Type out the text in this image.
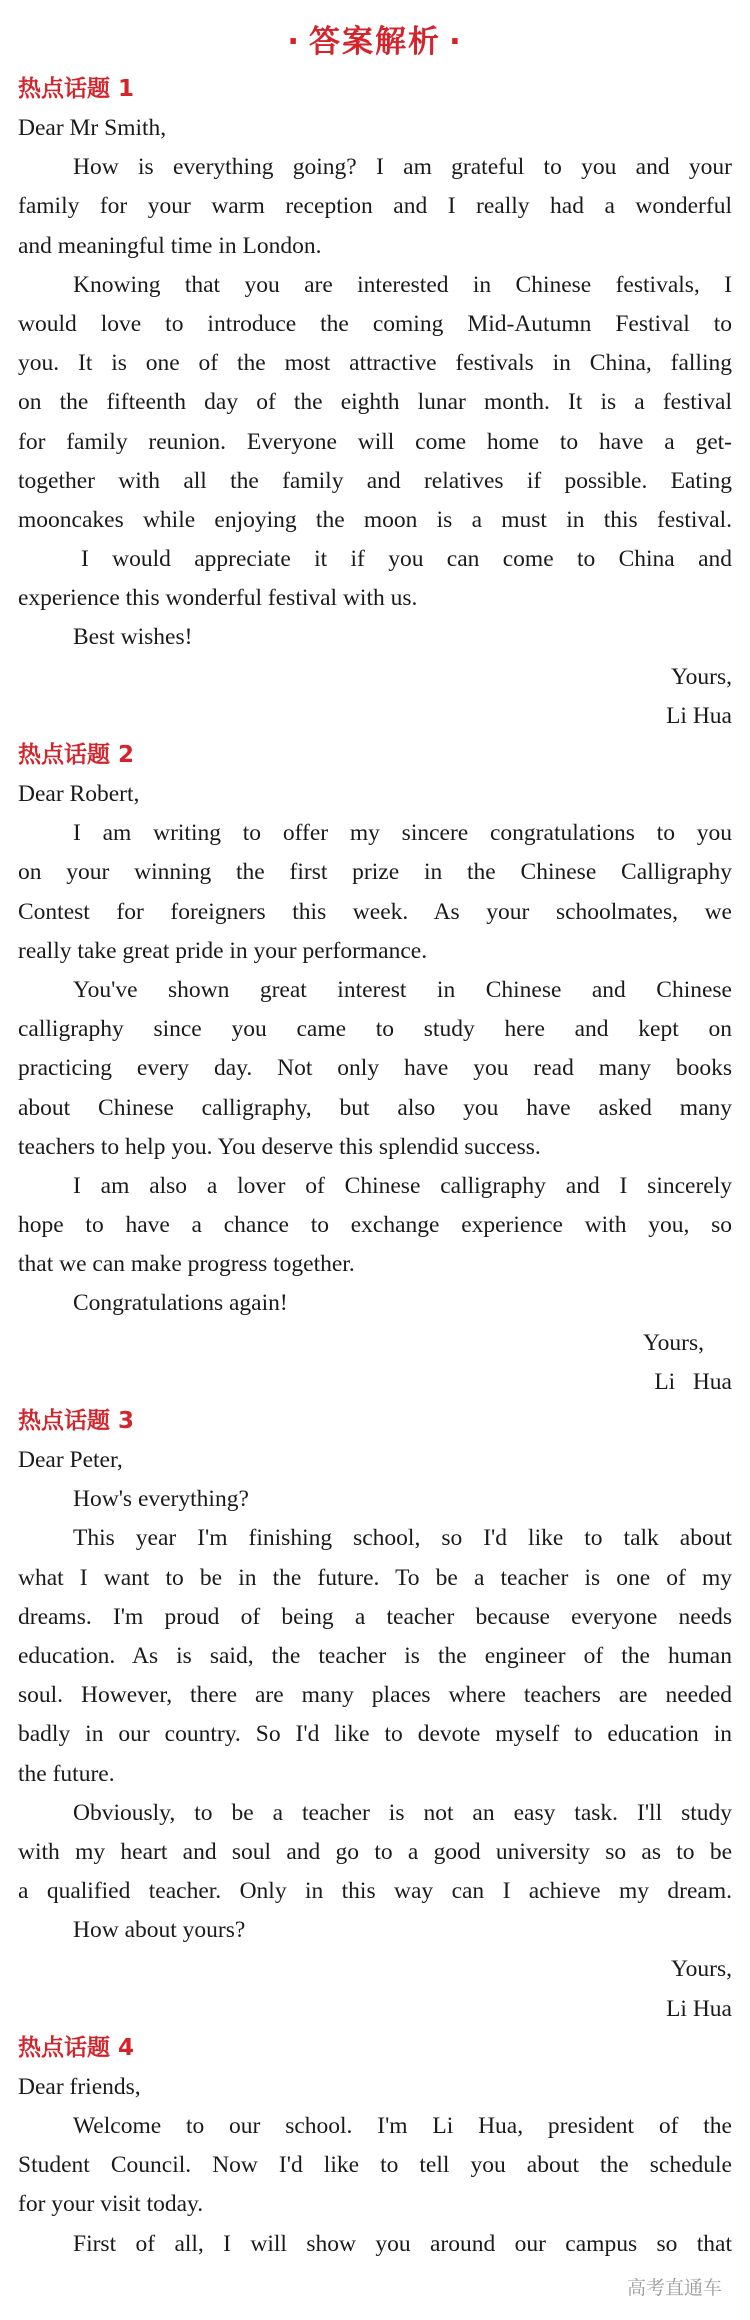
· 答案解析 ·
热点话题 1
Dear Mr Smith,
How is everything going? I am grateful to you and your
family for your warm reception and I really had a wonderful
and meaningful time in London.
Knowing that you are interested in Chinese festivals, I
would love to introduce the coming Mid-Autumn Festival to
you. It is one of the most attractive festivals in China, falling
on the fifteenth day of the eighth lunar month. It is a festival
for family reunion. Everyone will come home to have a get-
together with all the family and relatives if possible. Eating
mooncakes while enjoying the moon is a must in this festival.
I would appreciate it if you can come to China and
experience this wonderful festival with us.
Best wishes!
Yours,
Li Hua
热点话题 2
Dear Robert,
I am writing to offer my sincere congratulations to you
on your winning the first prize in the Chinese Calligraphy
Contest for foreigners this week. As your schoolmates, we
really take great pride in your performance.
You've shown great interest in Chinese and Chinese
calligraphy since you came to study here and kept on
practicing every day. Not only have you read many books
about Chinese calligraphy, but also you have asked many
teachers to help you. You deserve this splendid success.
I am also a lover of Chinese calligraphy and I sincerely
hope to have a chance to exchange experience with you, so
that we can make progress together.
Congratulations again!
Yours,
Li   Hua
热点话题 3
Dear Peter,
How's everything?
This year I'm finishing school, so I'd like to talk about
what I want to be in the future. To be a teacher is one of my
dreams. I'm proud of being a teacher because everyone needs
education. As is said, the teacher is the engineer of the human
soul. However, there are many places where teachers are needed
badly in our country. So I'd like to devote myself to education in
the future.
Obviously, to be a teacher is not an easy task. I'll study
with my heart and soul and go to a good university so as to be
a qualified teacher. Only in this way can I achieve my dream.
How about yours?
Yours,
Li Hua
热点话题 4
Dear friends,
Welcome to our school. I'm Li Hua, president of the
Student Council. Now I'd like to tell you about the schedule
for your visit today.
First of all, I will show you around our campus so that
高考直通车
